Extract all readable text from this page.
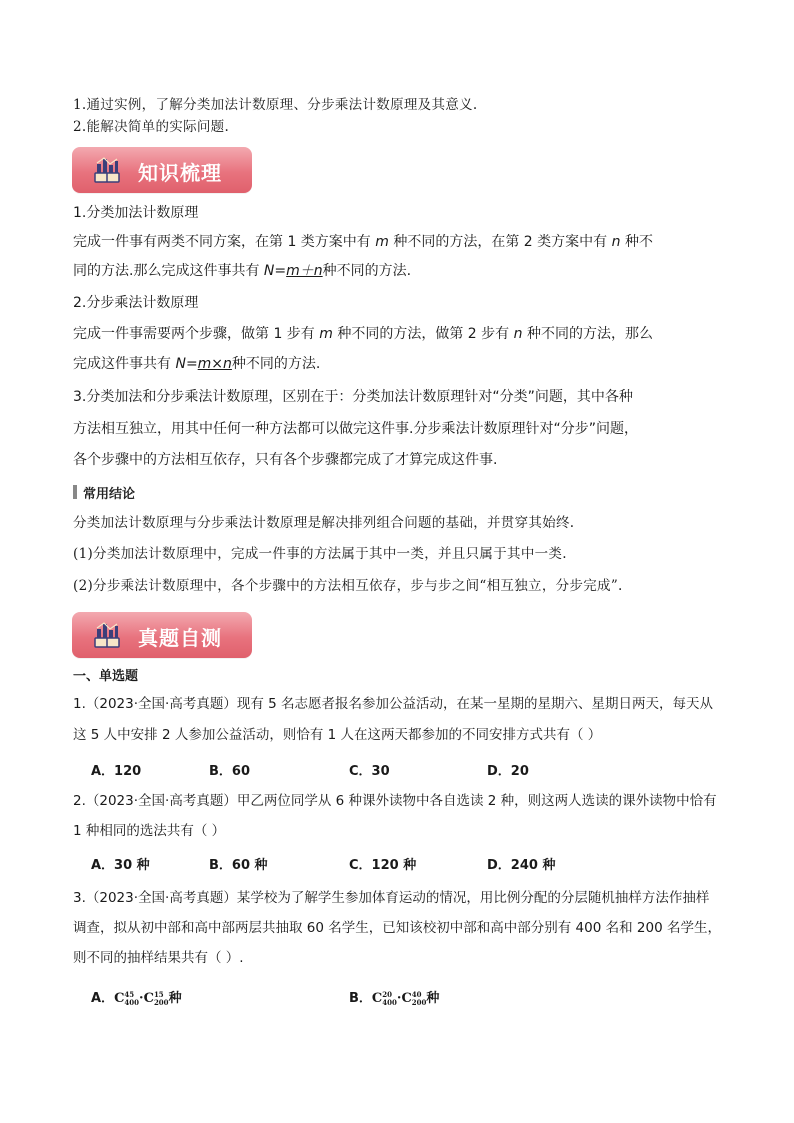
1.通过实例，了解分类加法计数原理、分步乘法计数原理及其意义.
2.能解决简单的实际问题.
知识梳理
1.分类加法计数原理
完成一件事有两类不同方案，在第 1 类方案中有 m 种不同的方法，在第 2 类方案中有 n 种不
同的方法.那么完成这件事共有 N=m＋n种不同的方法.
2.分步乘法计数原理
完成一件事需要两个步骤，做第 1 步有 m 种不同的方法，做第 2 步有 n 种不同的方法，那么
完成这件事共有 N=m×n种不同的方法.
3.分类加法和分步乘法计数原理，区别在于：分类加法计数原理针对“分类”问题，其中各种
方法相互独立，用其中任何一种方法都可以做完这件事.分步乘法计数原理针对“分步”问题，
各个步骤中的方法相互依存，只有各个步骤都完成了才算完成这件事.
常用结论
分类加法计数原理与分步乘法计数原理是解决排列组合问题的基础，并贯穿其始终.
(1)分类加法计数原理中，完成一件事的方法属于其中一类，并且只属于其中一类.
(2)分步乘法计数原理中，各个步骤中的方法相互依存，步与步之间“相互独立，分步完成”.
真题自测
一、单选题
1.（2023·全国·高考真题）现有 5 名志愿者报名参加公益活动，在某一星期的星期六、星期日两天，每天从
这 5 人中安排 2 人参加公益活动，则恰有 1 人在这两天都参加的不同安排方式共有（ ）
A．120	B．60	C．30	D．20
2.（2023·全国·高考真题）甲乙两位同学从 6 种课外读物中各自选读 2 种，则这两人选读的课外读物中恰有
1 种相同的选法共有（ ）
A．30 种	B．60 种	C．120 种	D．240 种
3.（2023·全国·高考真题）某学校为了解学生参加体育运动的情况，用比例分配的分层随机抽样方法作抽样
调查，拟从初中部和高中部两层共抽取 60 名学生，已知该校初中部和高中部分别有 400 名和 200 名学生，
则不同的抽样结果共有（ ）.
A．C 45
400 ·C 15
200 种	B．C 20
400 ·C 40
200 种
